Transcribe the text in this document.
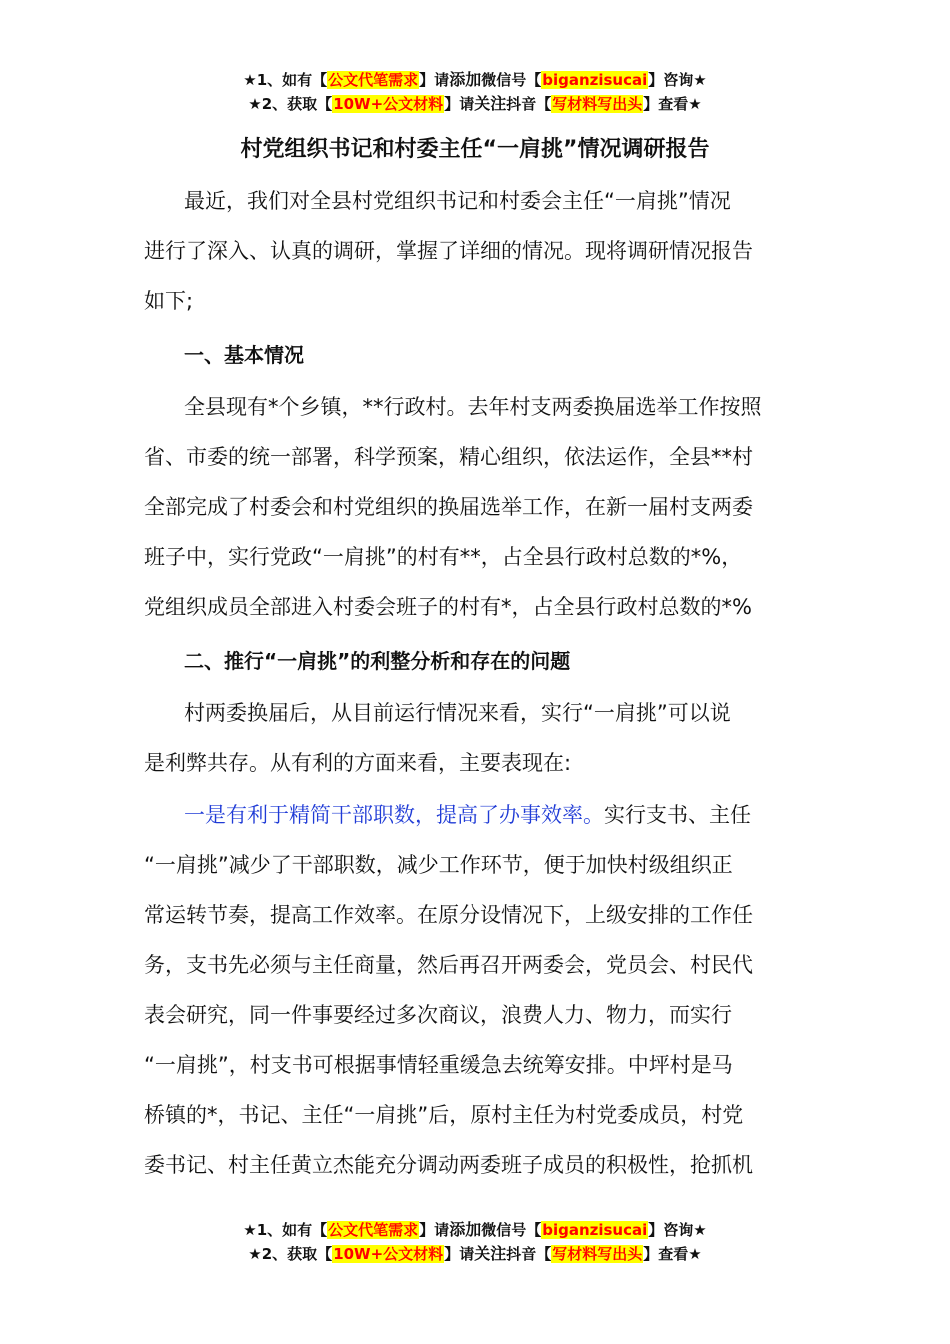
★1、如有【公文代笔需求】请添加微信号【biganzisucai】咨询★
★2、获取【10W+公文材料】请关注抖音【写材料写出头】查看★
村党组织书记和村委主任“一肩挑”情况调研报告
最近，我们对全县村党组织书记和村委会主任“一肩挑”情况
进行了深入、认真的调研，掌握了详细的情况。现将调研情况报告
如下;
一、基本情况
全县现有*个乡镇，**行政村。去年村支两委换届选举工作按照
省、市委的统一部署，科学预案，精心组织，依法运作，全县**村
全部完成了村委会和村党组织的换届选举工作，在新一届村支两委
班子中，实行党政“一肩挑”的村有**，占全县行政村总数的*%，
党组织成员全部进入村委会班子的村有*，占全县行政村总数的*%
二、推行“一肩挑”的利整分析和存在的问题
村两委换届后，从目前运行情况来看，实行“一肩挑”可以说
是利弊共存。从有利的方面来看，主要表现在:
一是有利于精简干部职数，提高了办事效率。实行支书、主任
“一肩挑”减少了干部职数，减少工作环节，便于加快村级组织正
常运转节奏，提高工作效率。在原分设情况下，上级安排的工作任
务，支书先必须与主任商量，然后再召开两委会，党员会、村民代
表会研究，同一件事要经过多次商议，浪费人力、物力，而实行
“一肩挑”，村支书可根据事情轻重缓急去统筹安排。中坪村是马
桥镇的*，书记、主任“一肩挑”后，原村主任为村党委成员，村党
委书记、村主任黄立杰能充分调动两委班子成员的积极性，抢抓机
★1、如有【公文代笔需求】请添加微信号【biganzisucai】咨询★
★2、获取【10W+公文材料】请关注抖音【写材料写出头】查看★
